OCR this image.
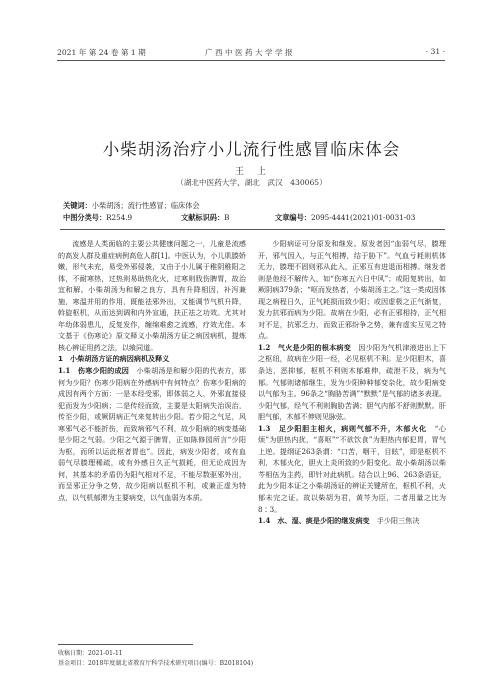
2021 年 第 24 卷 第 1 期	广 西 中 医 药 大 学 学 报	· 31 ·
小柴胡汤治疗小儿流行性感冒临床体会
王　上
（湖北中医药大学，湖北　武汉　430065）
关键词：小柴胡汤；流行性感冒；临床体会
中图分类号： R254.9	文献标识码： B	文章编号： 2095-4441(2021)01-0031-03

流感是人类面临的主要公共健康问题之一，儿童是流感的高发人群及重症病例高危人群[1]。中医认为，小儿肌腠娇嫩，形气未充，易受外邪侵袭，又由于小儿属于稚阴稚阳之体，不耐寒热，过热则易助热化火，过寒则戕伤脾胃，故治宜和解。小柴胡汤为和解之良方，具有升降相因，补泻兼施，寒温并用的作用，既能祛邪外出，又能调节气机升降，斡旋枢机，从而达到调和内外宣通，扶正祛之功效。尤其对年幼体弱患儿，反复发作，缠绵难愈之流感，疗效尤佳。本文基于《伤寒论》原文释义小柴胡汤方证之病因病机，提炼核心辨证用药之法，以飨同道。

1　小柴胡汤方证的病因病机及释义

1.1　伤寒少阳的成因　 小柴胡汤是和解少阳的代表方，那何为少阳？伤寒少阳病在外感病中有何特点？伤寒少阳病的成因有两个方面：一是本经受邪，即体弱之人，外邪直接侵犯而发为少阳病；二是传经而致，主要是太阳病失治误治，传至少阳，或厥阴病正气来复转出少阳。若少阳之气足，风寒邪气必不能折伤，而致病邪气不利，故少阳病的病变基础是少阳之气弱。少阳之气源于脾胃，正如陈修园所言“少阳为枢，而所以运此枢者胃也”。因此，病发少阳者，或有血弱气尽腠理稀疏，或有外感日久正气损耗，但无论成因为何，其基本的矛盾仍为阳气相对不足，不能尽数驱邪外出，而呈邪正分争之势，故少阳病以枢机不利，或兼正虚为特点，以气机郁滞为主要病变，以气血弱为本质。

少阳病证可分原发和继发。原发者因“血弱气尽，腠理开，邪气因入，与正气相搏，结于胁下”。气血亏耗则机体无力，腠理不固则邪从此入，正邪互有进退而相搏。继发者则是他经不解传入，如“伤寒五六日中风”；或阳复转出，如厥阴病379条；“呕而发热者，小柴胡汤主之。”这一类成因体现之病程日久，正气耗损而致少阳；或因虚极之正气渐复，发力抗邪而病为少阳。故病在少阳，必有正邪相持，正气相对不足，抗邪乏力，而致正邪纷争之势，兼有虚实互见之特点。

1.2　气火是少阳的根本病变　 因少阳为气机津液进出上下之枢纽，故病在少阳一经，必见枢机不利。足少阳胆木，喜条达，恶抑郁，枢机不利则木郁难伸，疏泄不及，病为气郁。气郁则诸郁继生，发为少阳种种郁变杂化，故少阳病变以气郁为主。96条之“胸胁苦满”“默默”是气郁的诸多表现。少阳气郁，经气不利则胸胁苦满；胆气内郁不舒则默默。肝胆气郁，木郁不伸则见脉弦。

1.3　足少阳胆主相火，病则气郁不升，木郁火化　 “心烦”为胆热内扰，“喜呕”“不欲饮食”为胆热内郁犯胃，胃气上逆。提纲证263条谓：“口苦，咽干，目眩”，即是枢机不利，木郁火化，胆火上炎所致的少阳变化。故小柴胡汤以柴芩相伍为主药，即针对此病机。结合以上96、263条语证，此为少阳本证之小柴胡汤证的辨证关键所在，枢机不利，火郁未完之证。故以柴胡为君，黄芩为臣，二者用量之比为8∶3。

1.4　水、湿、痰是少阳的继发病变　 手少阳三焦决

收稿日期：2021-01-11
基金项目：2018年度湖北省教育厅科学技术研究项目(编号：B2018104)
